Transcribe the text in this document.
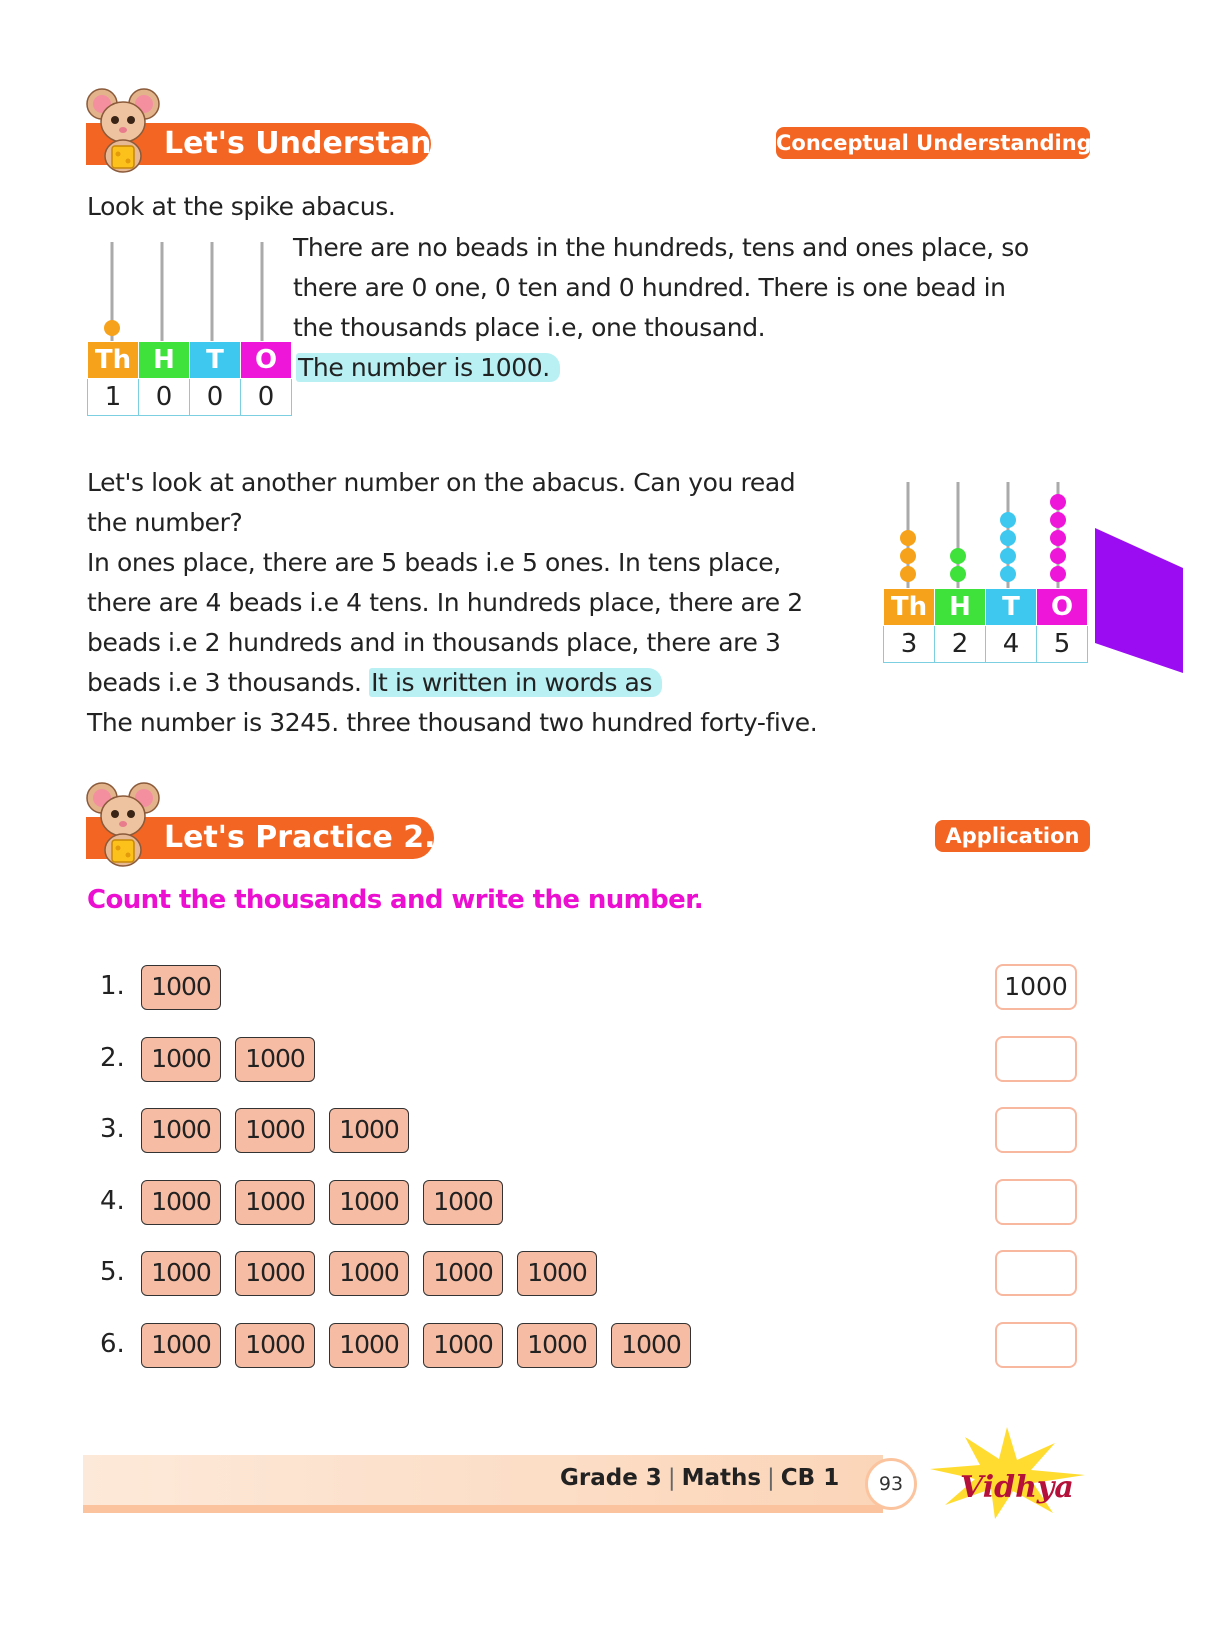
Let's Understand	Conceptual Understanding
Look at the spike abacus.
Th	H	T	O
1	0	0	0
There are no beads in the hundreds, tens and ones place, so
there are 0 one, 0 ten and 0 hundred. There is one bead in
the thousands place i.e, one thousand.
The number is 1000.
Let's look at another number on the abacus. Can you read
the number?
In ones place, there are 5 beads i.e 5 ones. In tens place,
there are 4 beads i.e 4 tens. In hundreds place, there are 2
beads i.e 2 hundreds and in thousands place, there are 3
beads i.e 3 thousands. It is written in words as
The number is 3245. three thousand two hundred forty-five.
Th	H	T	O
3	2	4	5
Let's Practice 2.1	Application
Count the thousands and write the number.
1.	1000	1000
2.	1000	1000
3.	1000	1000	1000
4.	1000	1000	1000	1000
5.	1000	1000	1000	1000	1000
6.	1000	1000	1000	1000	1000	1000
Grade 3 | Maths | CB 1	93	Vidhya
